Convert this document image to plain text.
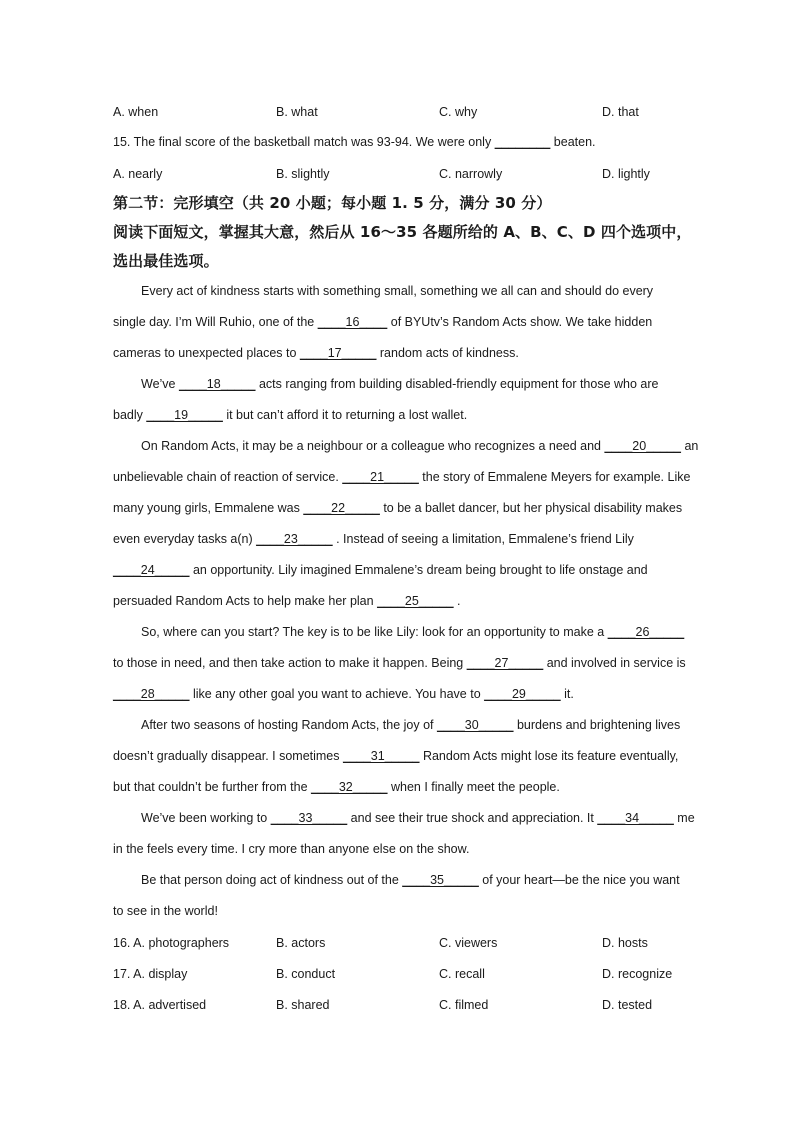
A. when	B. what	C. why	D. that
15. The final score of the basketball match was 93-94. We were only ________ beaten.
A. nearly	B. slightly	C. narrowly	D. lightly
第二节：完形填空（共 20 小题；每小题 1. 5 分，满分 30 分）
阅读下面短文，掌握其大意，然后从 16～35 各题所给的 A、B、C、D 四个选项中，
选出最佳选项。
Every act of kindness starts with something small, something we all can and should do every
single day. I’m Will Ruhio, one of the ____16____ of BYUtv’s Random Acts show. We take hidden
cameras to unexpected places to ____17_____ random acts of kindness.
We’ve ____18_____ acts ranging from building disabled-friendly equipment for those who are
badly ____19_____ it but can’t afford it to returning a lost wallet.
On Random Acts, it may be a neighbour or a colleague who recognizes a need and ____20_____ an
unbelievable chain of reaction of service. ____21_____ the story of Emmalene Meyers for example. Like
many young girls, Emmalene was ____22_____ to be a ballet dancer, but her physical disability makes
even everyday tasks a(n) ____23_____ . Instead of seeing a limitation, Emmalene’s friend Lily
____24_____ an opportunity. Lily imagined Emmalene’s dream being brought to life onstage and
persuaded Random Acts to help make her plan ____25_____ .
So, where can you start? The key is to be like Lily: look for an opportunity to make a ____26_____
to those in need, and then take action to make it happen. Being ____27_____ and involved in service is
____28_____ like any other goal you want to achieve. You have to ____29_____ it.
After two seasons of hosting Random Acts, the joy of ____30_____ burdens and brightening lives
doesn’t gradually disappear. I sometimes ____31_____ Random Acts might lose its feature eventually,
but that couldn’t be further from the ____32_____ when I finally meet the people.
We’ve been working to ____33_____ and see their true shock and appreciation. It ____34_____ me
in the feels every time. I cry more than anyone else on the show.
Be that person doing act of kindness out of the ____35_____ of your heart—be the nice you want
to see in the world!
16. A. photographers	B. actors	C. viewers	D. hosts
17. A. display	B. conduct	C. recall	D. recognize
18. A. advertised	B. shared	C. filmed	D. tested
